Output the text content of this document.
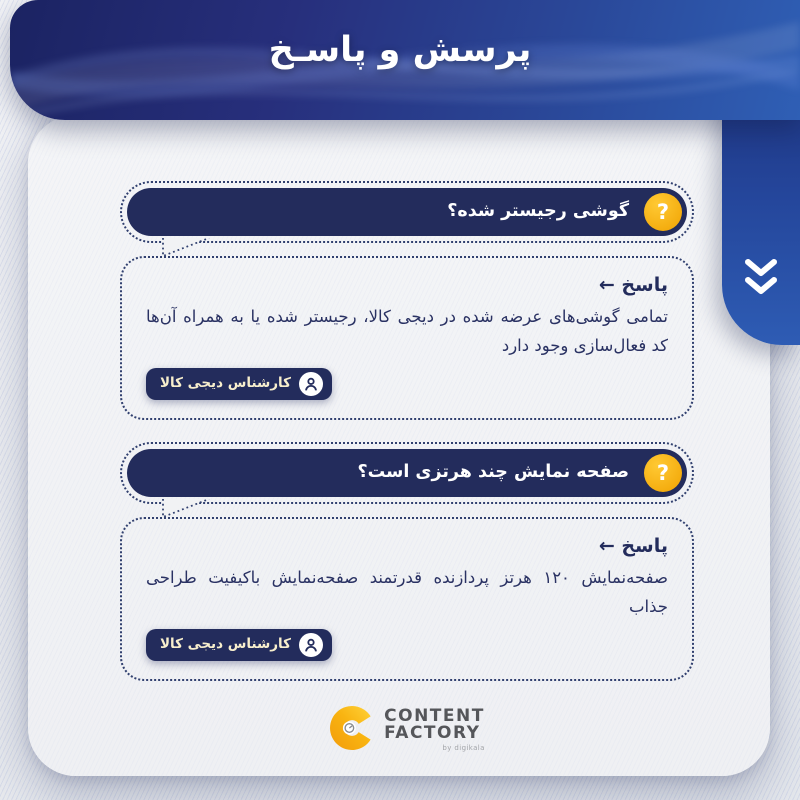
?
گوشی رجیستر شده؟
پاسخ ←

تمامی گوشی‌های عرضه شده در دیجی کالا، رجیستر شده یا به همراه آن‌ها کد فعال‌سازی وجود دارد

کارشناس دیجی کالا
?
صفحه نمایش چند هرتزی است؟
پاسخ ←

صفحه‌نمایش ۱۲۰ هرتز پردازنده قدرتمند صفحه‌نمایش باکیفیت طراحی جذاب

کارشناس دیجی کالا
CONTENT
FACTORY
by digikala
پرسش و پاسـخ
